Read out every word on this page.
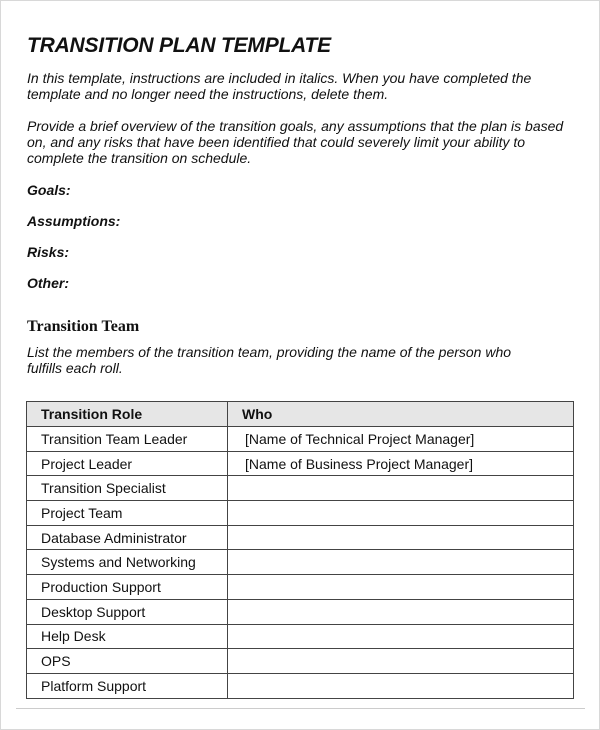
TRANSITION PLAN TEMPLATE
In this template, instructions are included in italics. When you have completed the template and no longer need the instructions, delete them.
Provide a brief overview of the transition goals, any assumptions that the plan is based on, and any risks that have been identified that could severely limit your ability to complete the transition on schedule.
Goals:
Assumptions:
Risks:
Other:
Transition Team
List the members of the transition team, providing the name of the person who fulfills each roll.
Transition Role	Who
Transition Team Leader	[Name of Technical Project Manager]
Project Leader	[Name of Business Project Manager]
Transition Specialist	
Project Team	
Database Administrator	
Systems and Networking	
Production Support	
Desktop Support	
Help Desk	
OPS	
Platform Support	
